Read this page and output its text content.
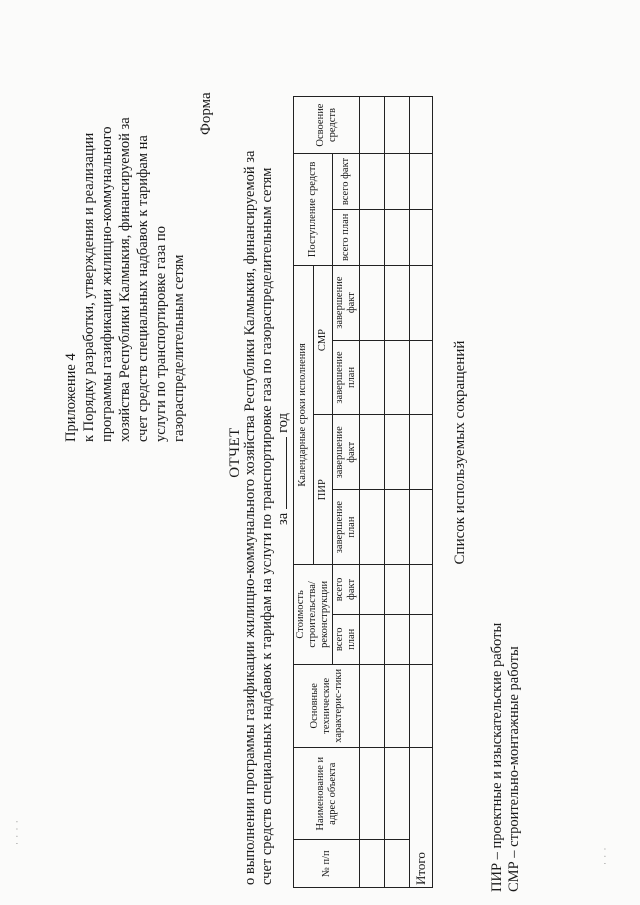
Приложение 4 к Порядку разработки, утверждения и реализации программы газификации жилищно-коммунального хозяйства Республики Калмыкия, финансируемой за счет средств специальных надбавок к тарифам на услуги по транспортировке газа по газораспределительным сетям
Форма
ОТЧЕТ о выполнении программы газификации жилищно-коммунального хозяйства Республики Калмыкия, финансируемой за счет средств специальных надбавок к тарифам на услуги по транспортировке газа по газораспределительным сетям загод
№ п/п	Наименование и адрес объекта	Основные технические характерис-тики	Стоимость строительства/ реконструкции		Календарные сроки исполнения				Поступление средств		Освоение средств
					ПИР		СМР				
			всего план	всего факт	завершение план	завершение факт	завершение план	завершение факт	всего план	всего факт	

Итого											
Список используемых сокращений
ПИР – проектные и изыскательские работы СМР – строительно-монтажные работы
· · · ·
· · ·
